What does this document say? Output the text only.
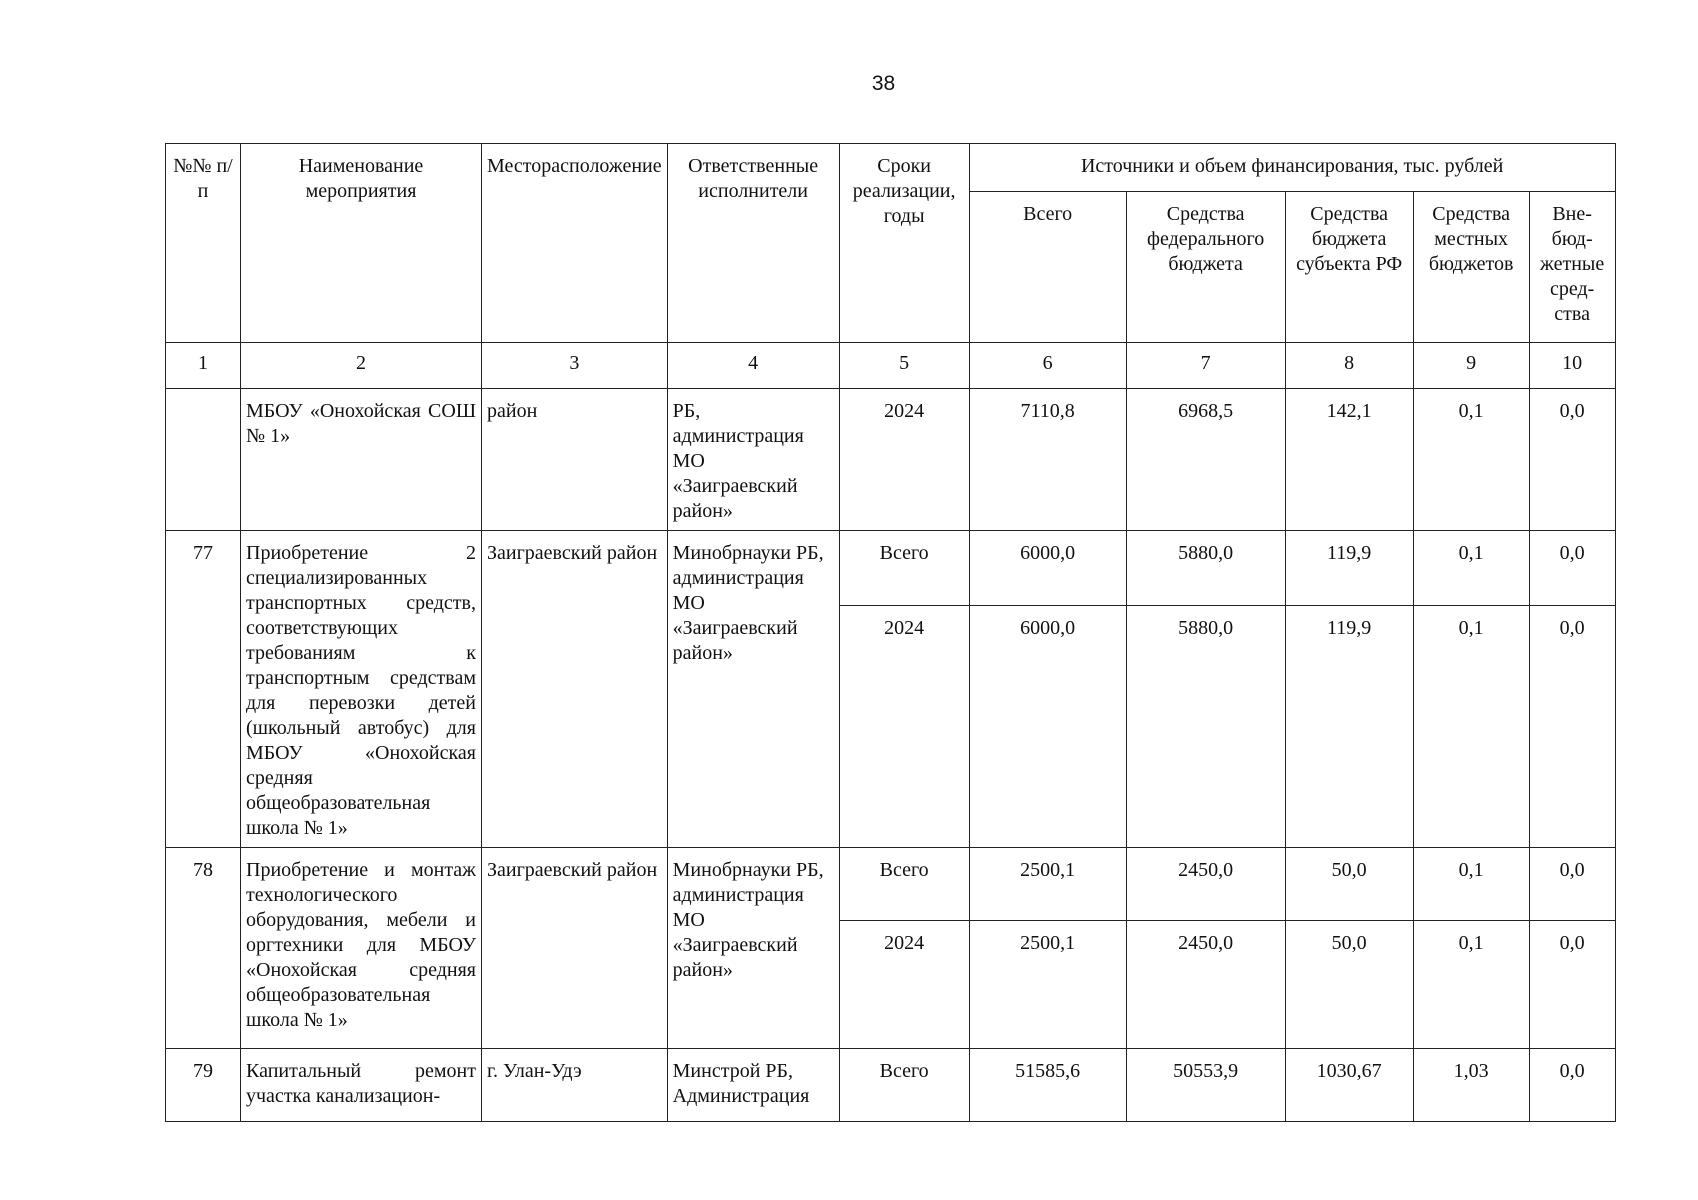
38
№№ п/п	Наименование мероприятия	Месторасположение	Ответственные исполнители	Сроки реализации, годы	Источники и объем финансирования, тыс. рублей				
					Всего	Средства федерального бюджета	Средства бюджета субъекта РФ	Средства местных бюджетов	Вне-бюд-жетные сред-ства
1	2	3	4	5	6	7	8	9	10
	МБОУ «Онохойская СОШ № 1»	район	РБ, администрация МО «Заиграевский район»	2024	7110,8	6968,5	142,1	0,1	0,0
77	Приобретение 2 специализированных транспортных средств, соответствующих требованиям к транспортным средствам для перевозки детей (школьный автобус) для МБОУ «Онохойская средняя общеобразовательная школа № 1»	Заиграевский район	Минобрнауки РБ, администрация МО «Заиграевский район»	Всего	6000,0	5880,0	119,9	0,1	0,0
				2024	6000,0	5880,0	119,9	0,1	0,0
78	Приобретение и монтаж технологического оборудования, мебели и оргтехники для МБОУ «Онохойская средняя общеобразовательная школа № 1»	Заиграевский район	Минобрнауки РБ, администрация МО «Заиграевский район»	Всего	2500,1	2450,0	50,0	0,1	0,0
				2024	2500,1	2450,0	50,0	0,1	0,0
79	Капитальный ремонт участка канализацион-	г. Улан-Удэ	Минстрой РБ, Администрация	Всего	51585,6	50553,9	1030,67	1,03	0,0
